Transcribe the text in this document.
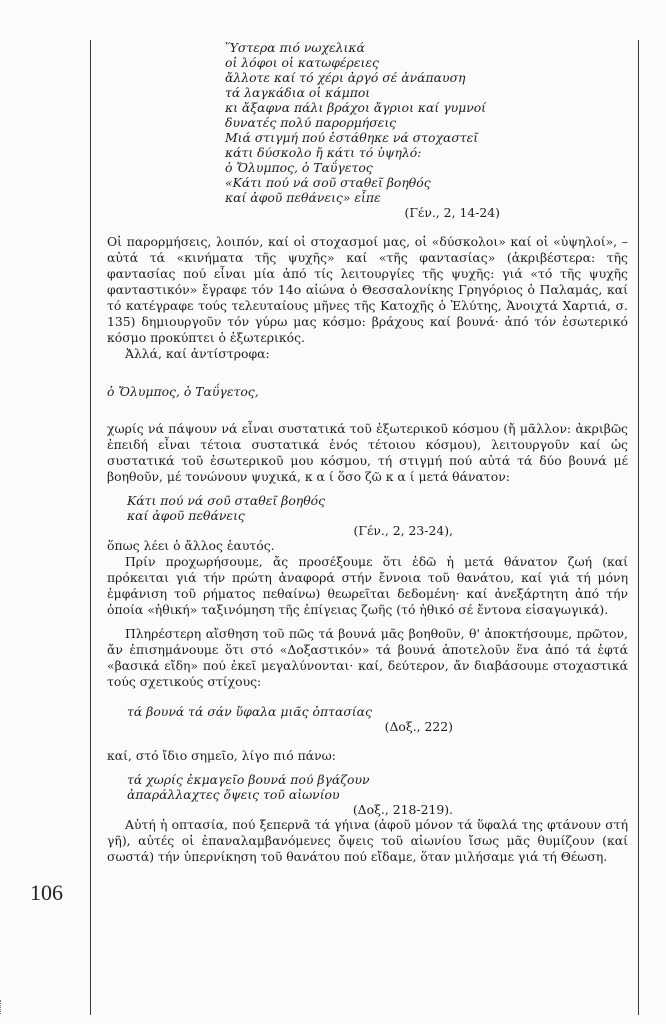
106
Ὕστερα πιό νωχελικά
οἱ λόφοι οἱ κατωφέρειες
ἄλλοτε καί τό χέρι ἀργό σέ ἀνάπαυση
τά λαγκάδια οἱ κάμποι
κι ἄξαφνα πάλι βράχοι ἄγριοι καί γυμνοί
δυνατές πολύ παρορμήσεις
Μιά στιγμή πού ἐστάθηκε νά στοχαστεῖ
κάτι δύσκολο ἤ κάτι τό ὑψηλό:
ὁ Ὄλυμπος, ὁ Ταΰγετος
«Κάτι πού νά σοῦ σταθεῖ βοηθός
καί ἀφοῦ πεθάνεις» εἶπε
(Γέν., 2, 14-24)

Οἱ παρορμήσεις, λοιπόν, καί οἱ στοχασμοί μας, οἱ «δύσκολοι» καί οἱ «ὑψηλοί», – αὐτά τά «κινήματα τῆς ψυχῆς» καί «τῆς φαντασίας» (ἀκριβέστερα: τῆς φαντασίας πού εἶναι μία ἀπό τίς λειτουργίες τῆς ψυχῆς: γιά «τό τῆς ψυχῆς φανταστικόν» ἔγραφε τόν 14ο αἰώνα ὁ Θεσσαλονίκης Γρηγόριος ὁ Παλαμάς, καί τό κατέγραφε τούς τελευταίους μῆνες τῆς Κατοχῆς ὁ Ἐλύτης, Ἀνοιχτά Χαρτιά, σ. 135) δημιουργοῦν τόν γύρω μας κόσμο: βράχους καί βουνά· ἀπό τόν ἐσωτερικό κόσμο προκύπτει ὁ ἐξωτερικός.

Ἀλλά, καί ἀντίστροφα:

ὁ Ὄλυμπος, ὁ Ταΰγετος,

χωρίς νά πάψουν νά εἶναι συστατικά τοῦ ἐξωτερικοῦ κόσμου (ἤ μᾶλλον: ἀκριβῶς ἐπειδή εἶναι τέτοια συστατικά ἑνός τέτοιου κόσμου), λειτουργοῦν καί ὡς συστατικά τοῦ ἐσωτερικοῦ μου κόσμου, τή στιγμή πού αὐτά τά δύο βουνά μέ βοηθοῦν, μέ τονώνουν ψυχικά, κ α ί ὅσο ζῶ κ α ί μετά θάνατον:

Κάτι πού νά σοῦ σταθεῖ βοηθός
καί ἀφοῦ πεθάνεις
(Γέν., 2, 23-24),

ὅπως λέει ὁ ἄλλος ἑαυτός.

Πρίν προχωρήσουμε, ἄς προσέξουμε ὅτι ἐδῶ ἡ μετά θάνατον ζωή (καί πρόκειται γιά τήν πρώτη ἀναφορά στήν ἔννοια τοῦ θανάτου, καί γιά τή μόνη ἐμφάνιση τοῦ ρήματος πεθαίνω) θεωρεῖται δεδομένη· καί ἀνεξάρτητη ἀπό τήν ὁποία «ἠθική» ταξινόμηση τῆς ἐπίγειας ζωῆς (τό ἠθικό σέ ἔντονα εἰσαγωγικά).

Πληρέστερη αἴσθηση τοῦ πῶς τά βουνά μᾶς βοηθοῦν, θ' ἀποκτήσουμε, πρῶτον, ἄν ἐπισημάνουμε ὅτι στό «Δοξαστικόν» τά βουνά ἀποτελοῦν ἕνα ἀπό τά ἑφτά «βασικά εἴδη» πού ἐκεῖ μεγαλύνονται· καί, δεύτερον, ἄν διαβάσουμε στοχαστικά τούς σχετικούς στίχους:

τά βουνά τά σάν ὕφαλα μιᾶς ὀπτασίας
(Δοξ., 222)

καί, στό ἴδιο σημεῖο, λίγο πιό πάνω:

τά χωρίς ἐκμαγεῖο βουνά πού βγάζουν
ἀπαράλλαχτες ὄψεις τοῦ αἰωνίου
(Δοξ., 218-219).

Αὐτή ἡ οπτασία, πού ξεπερνᾶ τά γήινα (ἀφοῦ μόνον τά ὕφαλά της φτάνουν στή γῆ), αὐτές οἱ ἐπαναλαμβανόμενες ὄψεις τοῦ αἰωνίου ἴσως μᾶς θυμίζουν (καί σωστά) τήν ὑπερνίκηση τοῦ θανάτου πού εἴδαμε, ὅταν μιλήσαμε γιά τή Θέωση.
